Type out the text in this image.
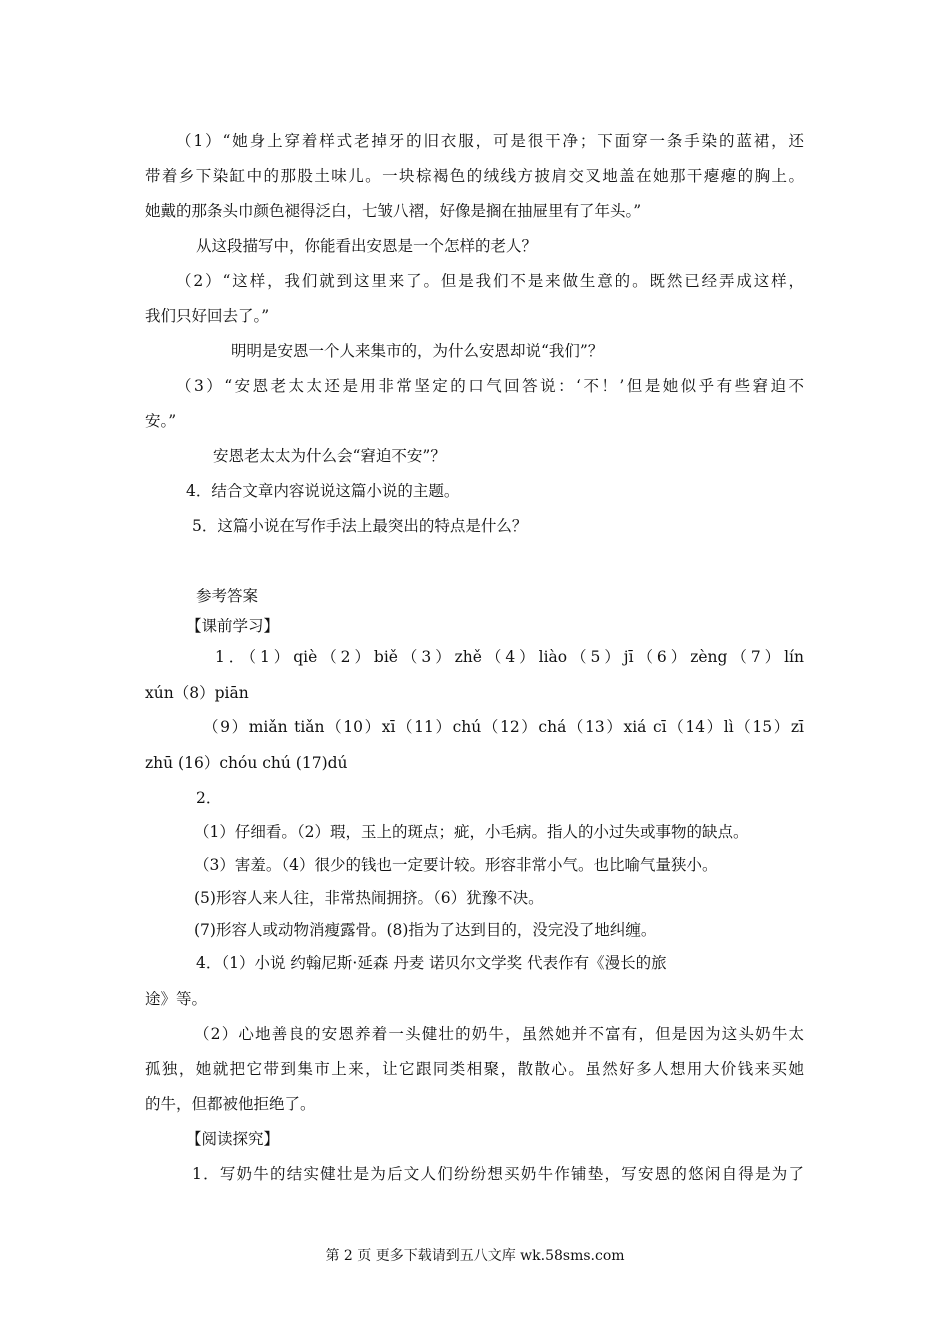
（1）“她身上穿着样式老掉牙的旧衣服，可是很干净；下面穿一条手染的蓝裙，还
带着乡下染缸中的那股土味儿。一块棕褐色的绒线方披肩交叉地盖在她那干瘪瘪的胸上。
她戴的那条头巾颜色褪得泛白，七皱八褶，好像是搁在抽屉里有了年头。”
从这段描写中，你能看出安恩是一个怎样的老人？
（2）“这样，我们就到这里来了。但是我们不是来做生意的。既然已经弄成这样，
我们只好回去了。”
明明是安恩一个人来集市的，为什么安恩却说“我们”？
（3）“安恩老太太还是用非常坚定的口气回答说：‘不！’但是她似乎有些窘迫不
安。”
安恩老太太为什么会“窘迫不安”？
4．结合文章内容说说这篇小说的主题。
5．这篇小说在写作手法上最突出的特点是什么？
参考答案
【课前学习】
1．（1）qiè（2）biě（3）zhě（4）liào（5）jī（6）zèng（7）lín
xún（8）piān
（9）miǎn tiǎn（10）xī（11）chú（12）chá（13）xiá cī（14）lì（15）zī
zhū (16）chóu chú (17)dú
2．
（1）仔细看。（2）瑕，玉上的斑点；疵，小毛病。指人的小过失或事物的缺点。
（3）害羞。（4）很少的钱也一定要计较。形容非常小气。也比喻气量狭小。
(5)形容人来人往，非常热闹拥挤。（6）犹豫不决。
(7)形容人或动物消瘦露骨。(8)指为了达到目的，没完没了地纠缠。
4．（1）小说 约翰尼斯·延森 丹麦 诺贝尔文学奖 代表作有《漫长的旅
途》等。
（2）心地善良的安恩养着一头健壮的奶牛，虽然她并不富有，但是因为这头奶牛太
孤独，她就把它带到集市上来，让它跟同类相聚，散散心。虽然好多人想用大价钱来买她
的牛，但都被他拒绝了。
【阅读探究】
1．写奶牛的结实健壮是为后文人们纷纷想买奶牛作铺垫，写安恩的悠闲自得是为了
第 2 页 更多下载请到五八文库 wk.58sms.com
